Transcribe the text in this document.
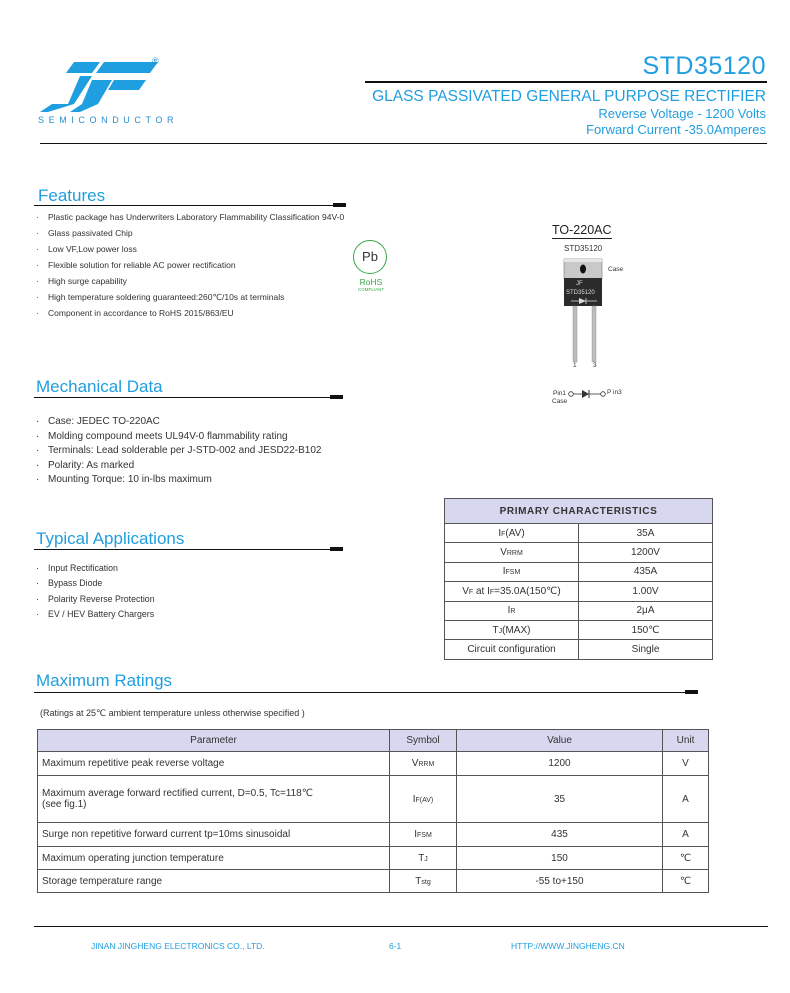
®
SEMICONDUCTOR
STD35120
GLASS PASSIVATED GENERAL PURPOSE RECTIFIER
Reverse Voltage - 1200 Volts
Forward Current -35.0Amperes
Features
· Plastic package has Underwriters Laboratory Flammability Classification 94V-0
· Glass passivated Chip
· Low VF,Low power loss
· Flexible solution for reliable AC power rectification
· High surge capability
· High temperature soldering guaranteed:260℃/10s at terminals
· Component in accordance to RoHS 2015/863/EU
Pb
RoHS
COMPLIANT
TO-220AC
STD35120
JF
STD35120
Case
1	3
Pin1	P in3
Case
Mechanical Data
· Case: JEDEC TO-220AC
· Molding compound meets UL94V-0 flammability rating
· Terminals: Lead solderable per J-STD-002 and JESD22-B102
· Polarity: As marked
· Mounting Torque: 10 in-lbs maximum
PRIMARY CHARACTERISTICS	
IF(AV)	35A
VRRM	1200V
IFSM	435A
VF at IF=35.0A(150℃)	1.00V
IR	2μA
TJ(MAX)	150℃
Circuit configuration	Single
Typical Applications
· Input Rectification
· Bypass Diode
· Polarity Reverse Protection
· EV / HEV Battery Chargers
Maximum Ratings
(Ratings at 25℃ ambient temperature unless otherwise specified )
Parameter	Symbol	Value	Unit
Maximum repetitive peak reverse voltage	VRRM	1200	V

Maximum average forward rectified current, D=0.5, Tc=118℃
(see fig.1)	IF(AV)	35	A
Surge non repetitive forward current tp=10ms sinusoidal	IFSM	435	A
Maximum operating junction temperature	TJ	150	℃
Storage temperature range	Tstg	-55 to+150	℃
JINAN JINGHENG ELECTRONICS CO., LTD.	6-1	HTTP://WWW.JINGHENG.CN
